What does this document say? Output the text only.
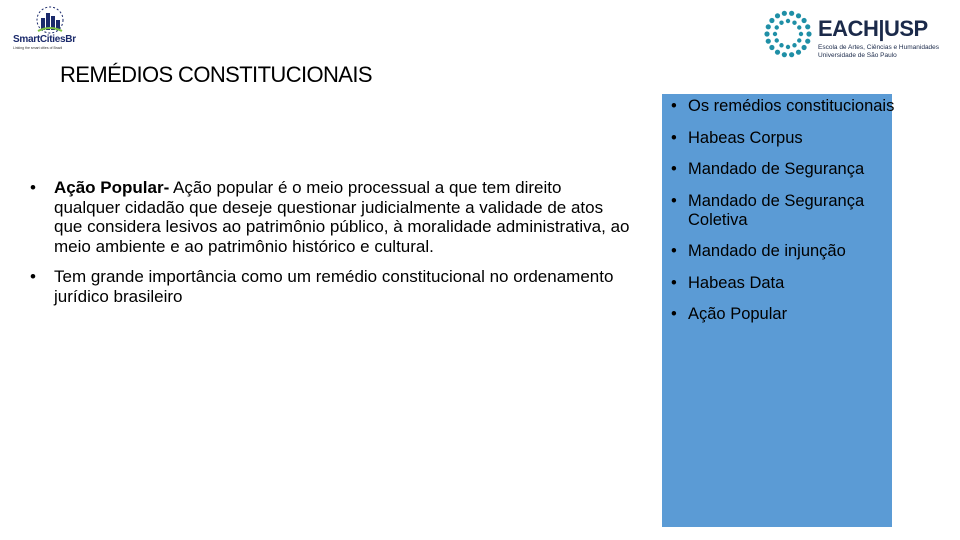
SmartCitiesBr
Linking the smart cities of Brazil
EACH|USP
Escola de Artes, Ciências e Humanidades
Universidade de São Paulo
REMÉDIOS CONSTITUCIONAIS
• Ação Popular- Ação popular é o meio processual a que tem direito qualquer cidadão que deseje questionar judicialmente a validade de atos que considera lesivos ao patrimônio público, à moralidade administrativa, ao meio ambiente e ao patrimônio histórico e cultural.
• Tem grande importância como um remédio constitucional no ordenamento jurídico brasileiro
• Os remédios constitucionais
• Habeas Corpus
• Mandado de Segurança
• Mandado de Segurança Coletiva
• Mandado de injunção
• Habeas Data
• Ação Popular
